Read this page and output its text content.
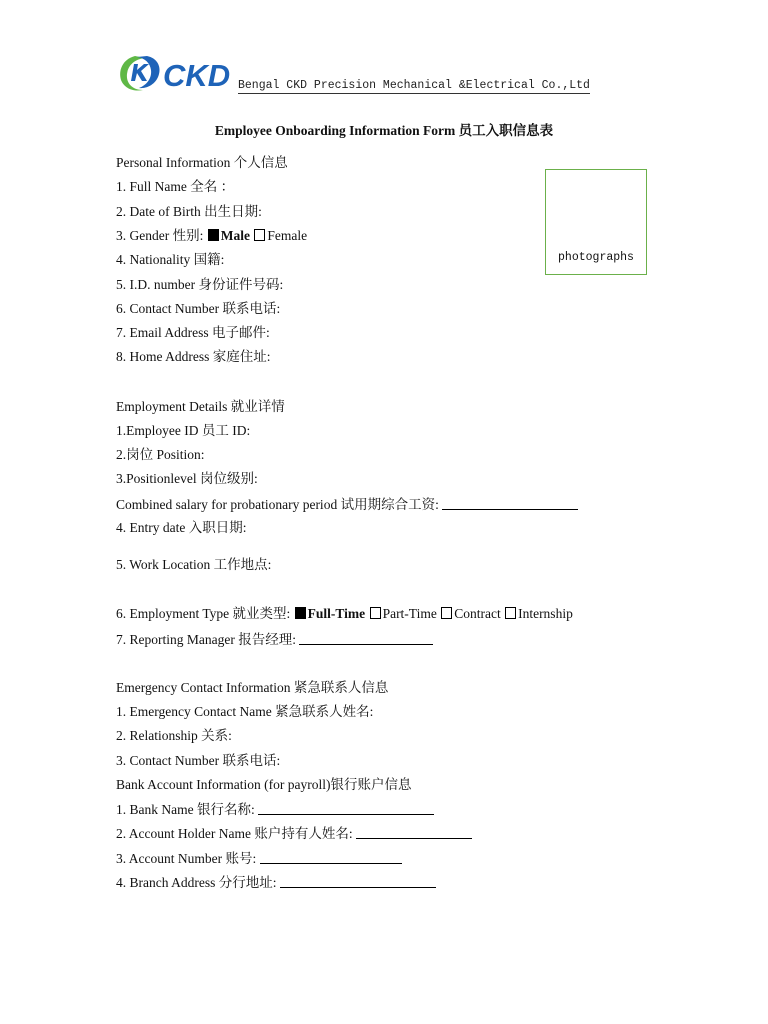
CKD Bengal CKD Precision Mechanical &Electrical Co.,Ltd
Employee Onboarding Information Form 员工入职信息表
photographs
Personal Information 个人信息
1. Full Name 全名 ：
2. Date of Birth 出生日期:
3. Gender 性别: Male Female
4. Nationality 国籍:
5. I.D. number 身份证件号码:
6. Contact Number 联系电话:
7. Email Address 电子邮件:
8. Home Address 家庭住址:
Employment Details 就业详情
1.Employee ID 员工 ID:
2.岗位 Position:
3.Positionlevel 岗位级别:
Combined salary for probationary period 试用期综合工资:
4. Entry date 入职日期:
5. Work Location 工作地点:
6. Employment Type 就业类型: Full-Time Part-Time Contract Internship
7. Reporting Manager 报告经理:
Emergency Contact Information 紧急联系人信息
1. Emergency Contact Name 紧急联系人姓名:
2. Relationship 关系:
3. Contact Number 联系电话:
Bank Account Information (for payroll)银行账户信息
1. Bank Name 银行名称:
2. Account Holder Name 账户持有人姓名:
3. Account Number 账号:
4. Branch Address 分行地址:
